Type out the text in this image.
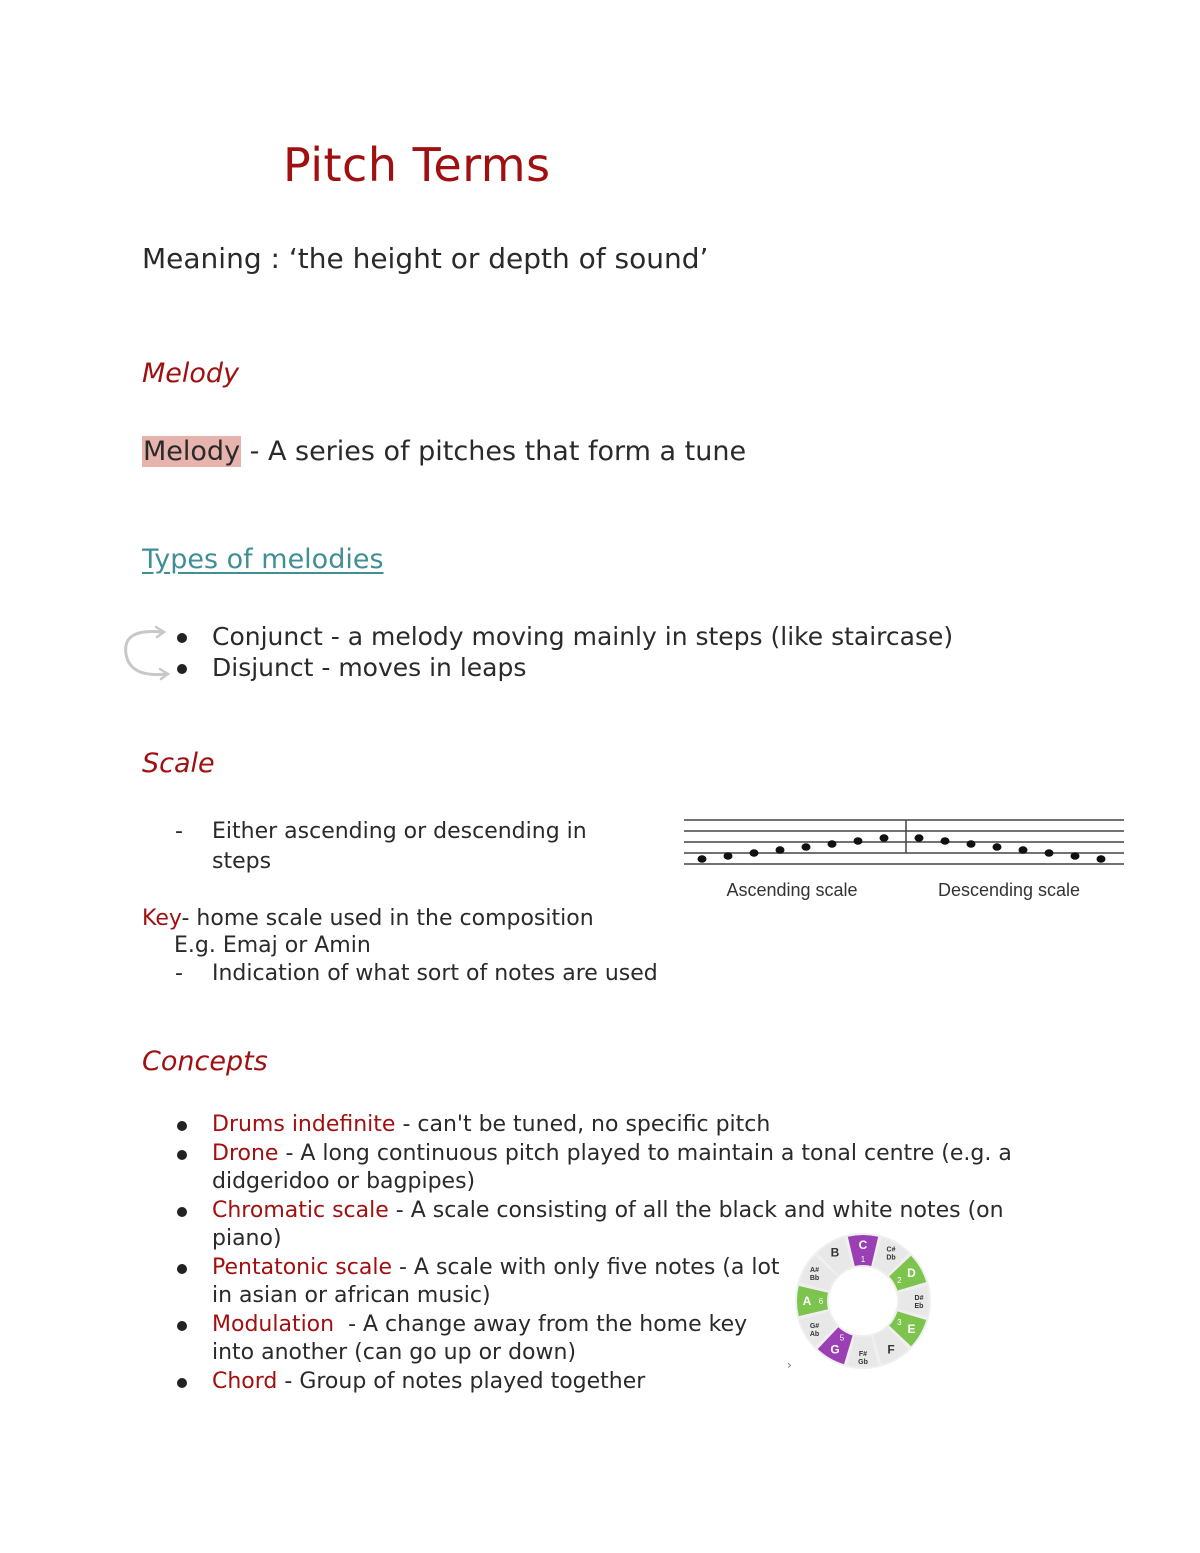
Pitch Terms
Meaning : ‘the height or depth of sound’
Melody
Melody - A series of pitches that form a tune
Types of melodies
Conjunct - a melody moving mainly in steps (like staircase)
Disjunct - moves in leaps
Scale
- Either ascending or descending in
steps
Key- home scale used in the composition
E.g. Emaj or Amin
- Indication of what sort of notes are used
Ascending scale	Descending scale
Concepts
Drums indefinite - can't be tuned, no specific pitch
Drone - A long continuous pitch played to maintain a tonal centre (e.g. a
didgeridoo or bagpipes)
Chromatic scale - A scale consisting of all the black and white notes (on
piano)
Pentatonic scale - A scale with only five notes (a lot
in asian or african music)
Modulation  - A change away from the home key
into another (can go up or down)
Chord - Group of notes played together
C
1
C# Db
D
2
D# Eb
E
3
F
F# Gb
G
5
G# Ab
A 6
A# Bb
B
›
